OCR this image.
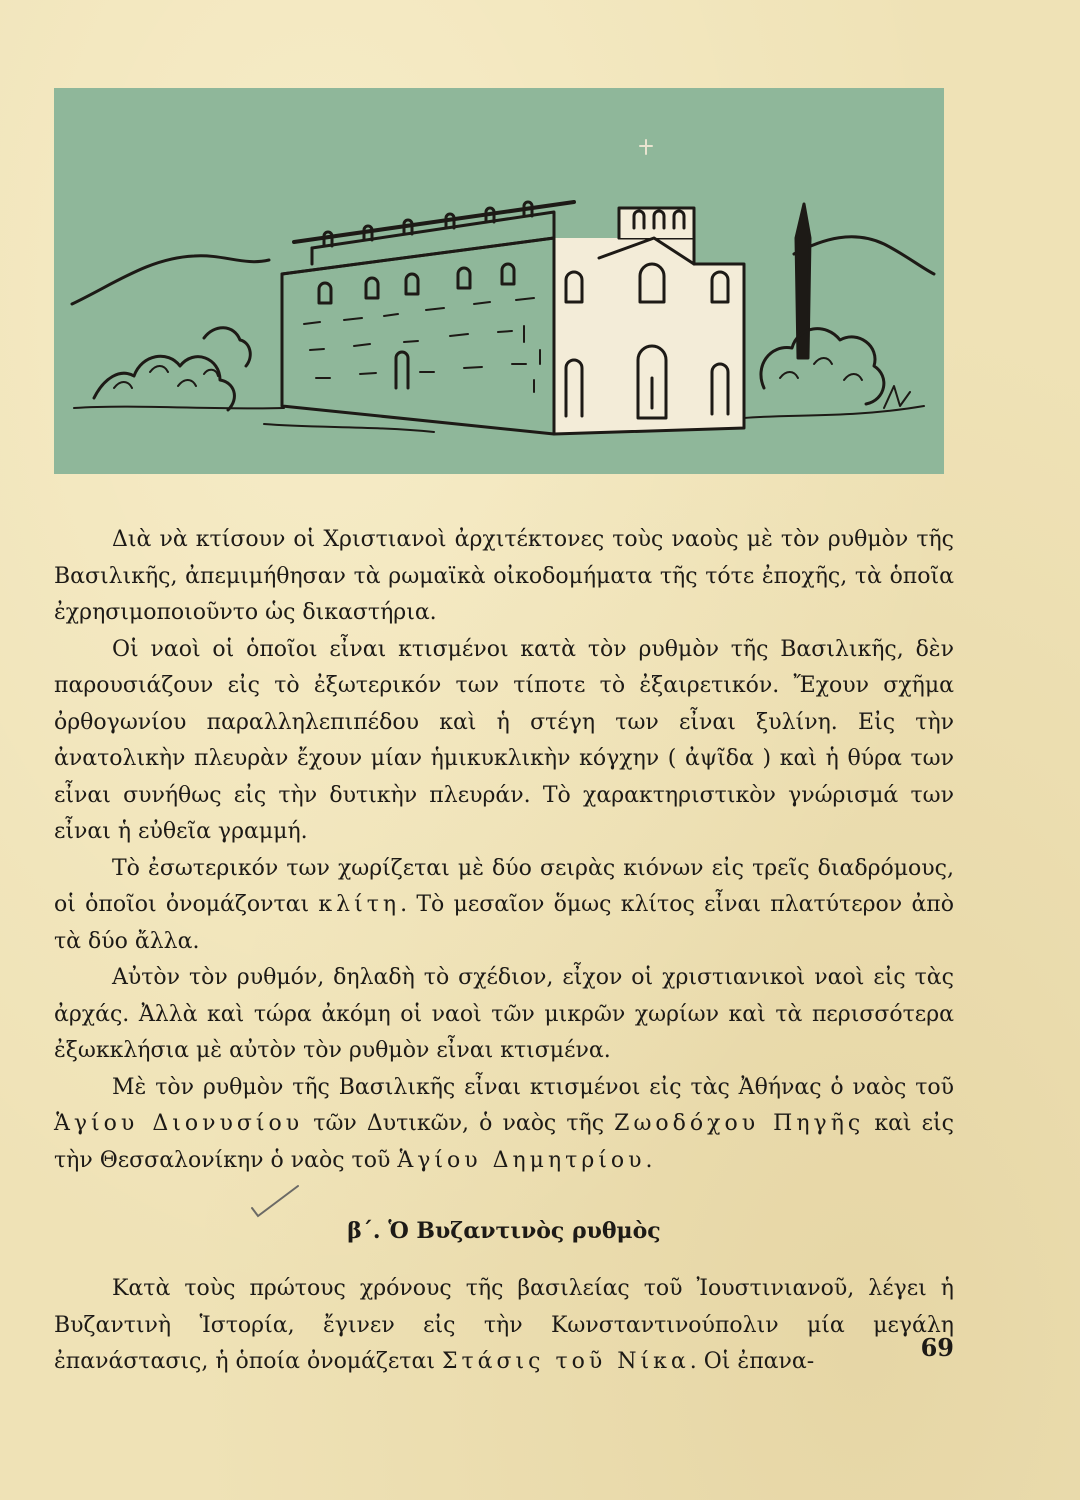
Διὰ νὰ κτίσουν οἱ Χριστιανοὶ ἀρχιτέκτονες τοὺς ναοὺς μὲ τὸν ρυθμὸν τῆς Βασιλικῆς, ἀπεμιμήθησαν τὰ ρωμαϊκὰ οἰκοδομήματα τῆς τότε ἐποχῆς, τὰ ὁποῖα ἐχρησιμοποιοῦντο ὡς δικαστήρια.

Οἱ ναοὶ οἱ ὁποῖοι εἶναι κτισμένοι κατὰ τὸν ρυθμὸν τῆς Βασιλικῆς, δὲν παρουσιάζουν εἰς τὸ ἐξωτερικόν των τίποτε τὸ ἐξαιρετικόν. Ἔχουν σχῆμα ὀρθογωνίου παραλληλεπιπέδου καὶ ἡ στέγη των εἶναι ξυλίνη. Εἰς τὴν ἀνατολικὴν πλευρὰν ἔχουν μίαν ἡμικυκλικὴν κόγχην ( ἀψῖδα ) καὶ ἡ θύρα των εἶναι συνήθως εἰς τὴν δυτικὴν πλευράν. Τὸ χαρακτηριστικὸν γνώρισμά των εἶναι ἡ εὐθεῖα γραμμή.

Τὸ ἐσωτερικόν των χωρίζεται μὲ δύο σειρὰς κιόνων εἰς τρεῖς διαδρόμους, οἱ ὁποῖοι ὀνομάζονται κλίτη. Τὸ μεσαῖον ὅμως κλίτος εἶναι πλατύτερον ἀπὸ τὰ δύο ἄλλα.

Αὐτὸν τὸν ρυθμόν, δηλαδὴ τὸ σχέδιον, εἶχον οἱ χριστιανικοὶ ναοὶ εἰς τὰς ἀρχάς. Ἀλλὰ καὶ τώρα ἀκόμη οἱ ναοὶ τῶν μικρῶν χωρίων καὶ τὰ περισσότερα ἐξωκκλήσια μὲ αὐτὸν τὸν ρυθμὸν εἶναι κτισμένα.

Μὲ τὸν ρυθμὸν τῆς Βασιλικῆς εἶναι κτισμένοι εἰς τὰς Ἀθήνας ὁ ναὸς τοῦ Ἁγίου Διονυσίου τῶν Δυτικῶν, ὁ ναὸς τῆς Ζωοδόχου Πηγῆς καὶ εἰς τὴν Θεσσαλονίκην ὁ ναὸς τοῦ Ἁγίου Δημητρίου.

β΄. Ὁ Βυζαντινὸς ρυθμὸς

Κατὰ τοὺς πρώτους χρόνους τῆς βασιλείας τοῦ Ἰουστινιανοῦ, λέγει ἡ Βυζαντινὴ Ἱστορία, ἔγινεν εἰς τὴν Κωνσταντινούπολιν μία μεγάλη ἐπανάστασις, ἡ ὁποία ὀνομάζεται Στάσις τοῦ Νίκα. Οἱ ἐπανα-	69
